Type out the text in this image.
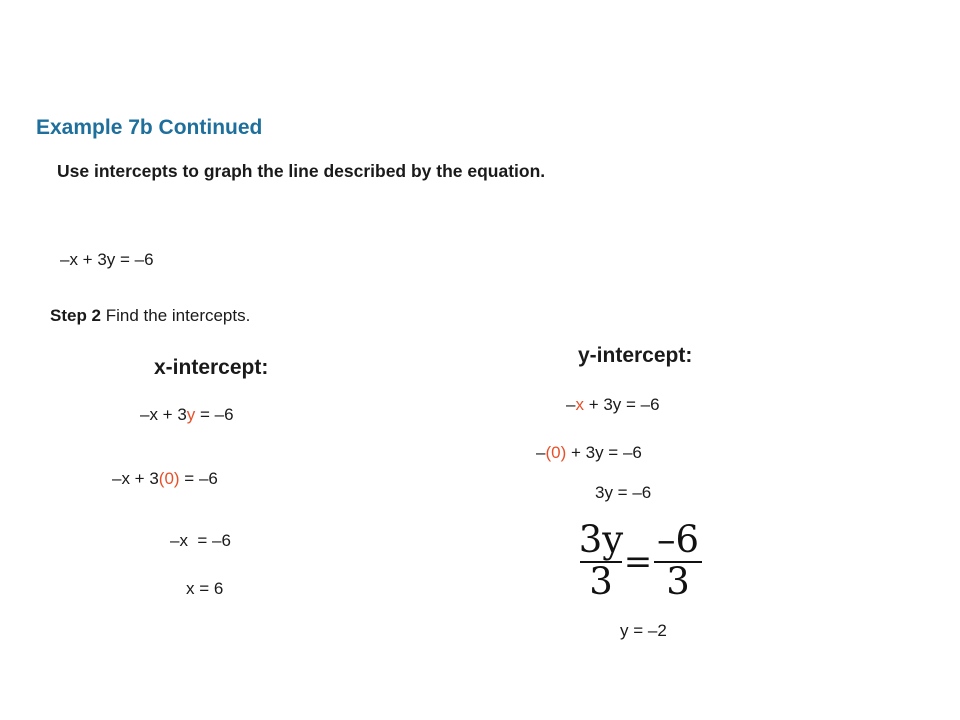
Example 7b Continued
Use intercepts to graph the line described by the equation.
–x + 3y = –6
Step 2 Find the intercepts.
x-intercept:
–x + 3y = –6
–x + 3(0) = –6
–x  = –6
x = 6
y-intercept:
–x + 3y = –6
–(0) + 3y = –6
3y = –6
3y
3 =
–6
3
y = –2
